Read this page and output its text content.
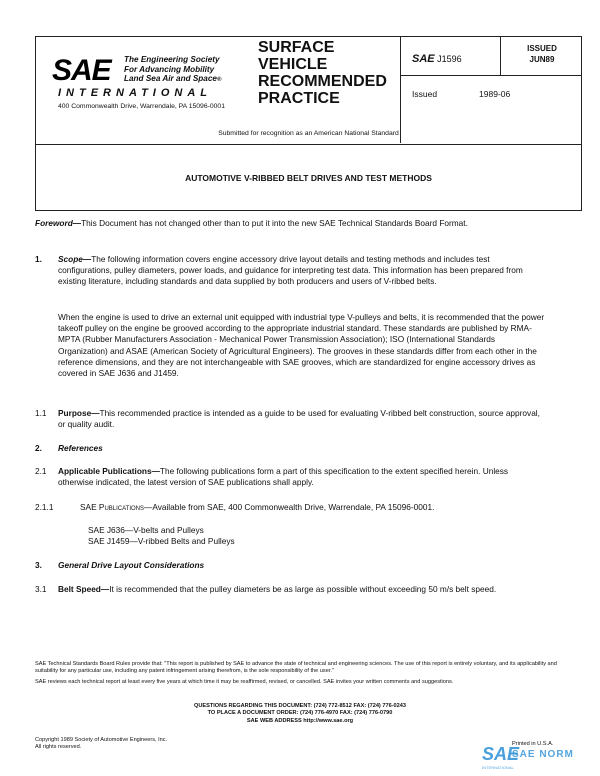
SAE The Engineering Society
For Advancing Mobility
Land Sea Air and Space®
INTERNATIONAL
400 Commonwealth Drive, Warrendale, PA 15096-0001
SURFACE
VEHICLE
RECOMMENDED
PRACTICE
SAE J1596
ISSUED
JUN89
Issued	1989-06
Submitted for recognition as an American National Standard
AUTOMOTIVE V-RIBBED BELT DRIVES AND TEST METHODS
Foreword—This Document has not changed other than to put it into the new SAE Technical Standards Board Format.
1.	Scope—The following information covers engine accessory drive layout details and testing methods and includes test configurations, pulley diameters, power loads, and guidance for interpreting test data. This information has been prepared from existing literature, including standards and data supplied by both producers and users of V-ribbed belts.
When the engine is used to drive an external unit equipped with industrial type V-pulleys and belts, it is recommended that the power takeoff pulley on the engine be grooved according to the appropriate industrial standard. These standards are published by RMA-MPTA (Rubber Manufacturers Association - Mechanical Power Transmission Association); ISO (International Standards Organization) and ASAE (American Society of Agricultural Engineers). The grooves in these standards differ from each other in the reference dimensions, and they are not interchangeable with SAE grooves, which are standardized for engine accessory drives as covered in SAE J636 and J1459.
1.1	Purpose—This recommended practice is intended as a guide to be used for evaluating V-ribbed belt construction, source approval, or quality audit.
2.	References
2.1	Applicable Publications—The following publications form a part of this specification to the extent specified herein. Unless otherwise indicated, the latest version of SAE publications shall apply.
2.1.1	SAE Publications—Available from SAE, 400 Commonwealth Drive, Warrendale, PA 15096-0001.
SAE J636—V-belts and Pulleys
SAE J1459—V-ribbed Belts and Pulleys
3.	General Drive Layout Considerations
3.1	Belt Speed—It is recommended that the pulley diameters be as large as possible without exceeding 50 m/s belt speed.
SAE Technical Standards Board Rules provide that: "This report is published by SAE to advance the state of technical and engineering sciences. The use of this report is entirely voluntary, and its applicability and suitability for any particular use, including any patent infringement arising therefrom, is the sole responsibility of the user."
SAE reviews each technical report at least every five years at which time it may be reaffirmed, revised, or cancelled. SAE invites your written comments and suggestions.
QUESTIONS REGARDING THIS DOCUMENT: (724) 772-8512 FAX: (724) 776-0243
TO PLACE A DOCUMENT ORDER: (724) 776-4970 FAX: (724) 776-0790
SAE WEB ADDRESS http://www.sae.org
Copyright 1989 Society of Automotive Engineers, Inc.
All rights reserved.
Printed in U.S.A.
SAE
SAE NORM
INTERNATIONAL
